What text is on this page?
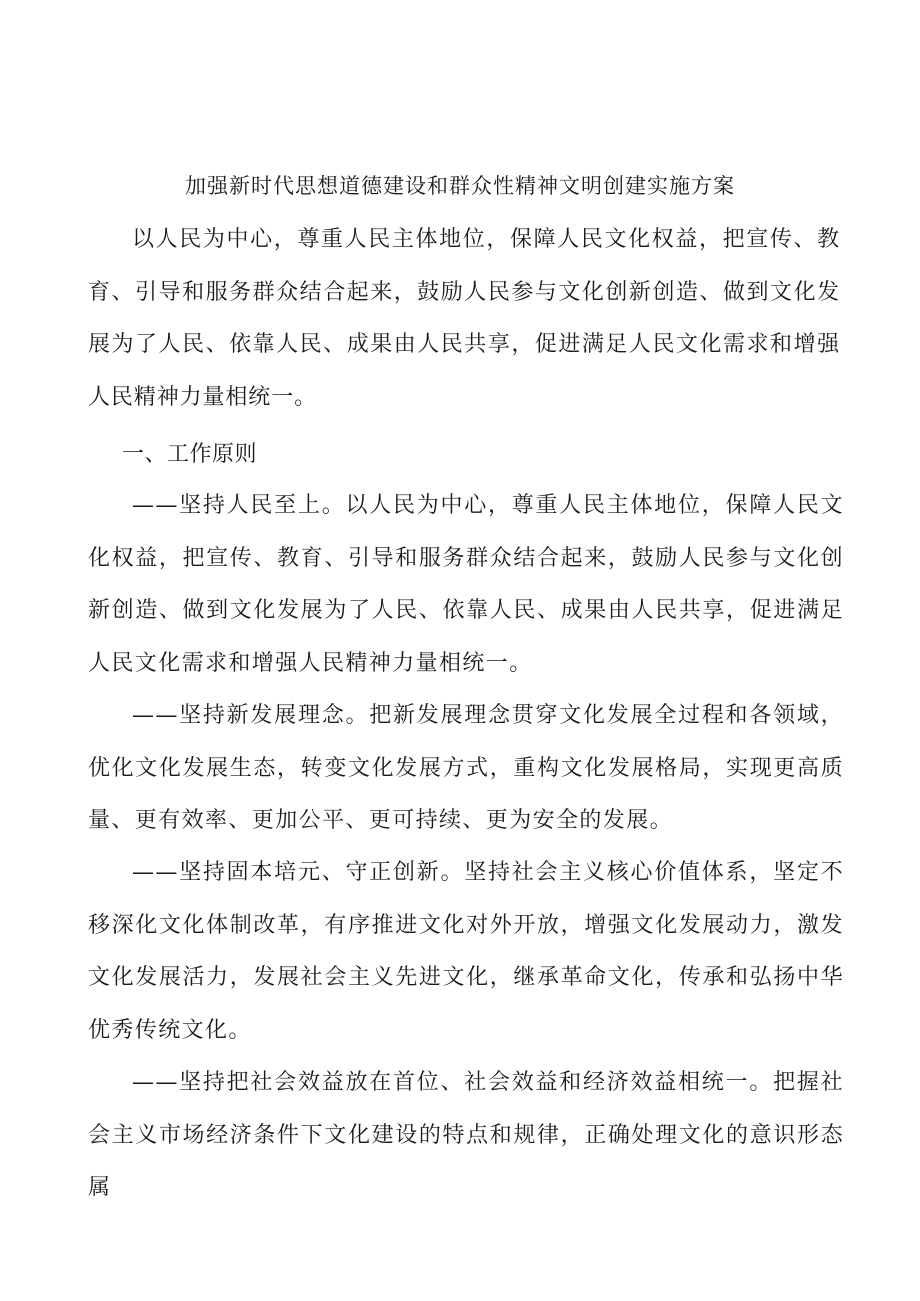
加强新时代思想道德建设和群众性精神文明创建实施方案

以人民为中心，尊重人民主体地位，保障人民文化权益，把宣传、教育、引导和服务群众结合起来，鼓励人民参与文化创新创造、做到文化发展为了人民、依靠人民、成果由人民共享，促进满足人民文化需求和增强人民精神力量相统一。

一、工作原则

——坚持人民至上。以人民为中心，尊重人民主体地位，保障人民文化权益，把宣传、教育、引导和服务群众结合起来，鼓励人民参与文化创新创造、做到文化发展为了人民、依靠人民、成果由人民共享，促进满足人民文化需求和增强人民精神力量相统一。

——坚持新发展理念。把新发展理念贯穿文化发展全过程和各领域，优化文化发展生态，转变文化发展方式，重构文化发展格局，实现更高质量、更有效率、更加公平、更可持续、更为安全的发展。

——坚持固本培元、守正创新。坚持社会主义核心价值体系，坚定不移深化文化体制改革，有序推进文化对外开放，增强文化发展动力，激发文化发展活力，发展社会主义先进文化，继承革命文化，传承和弘扬中华优秀传统文化。

——坚持把社会效益放在首位、社会效益和经济效益相统一。把握社会主义市场经济条件下文化建设的特点和规律，正确处理文化的意识形态属
